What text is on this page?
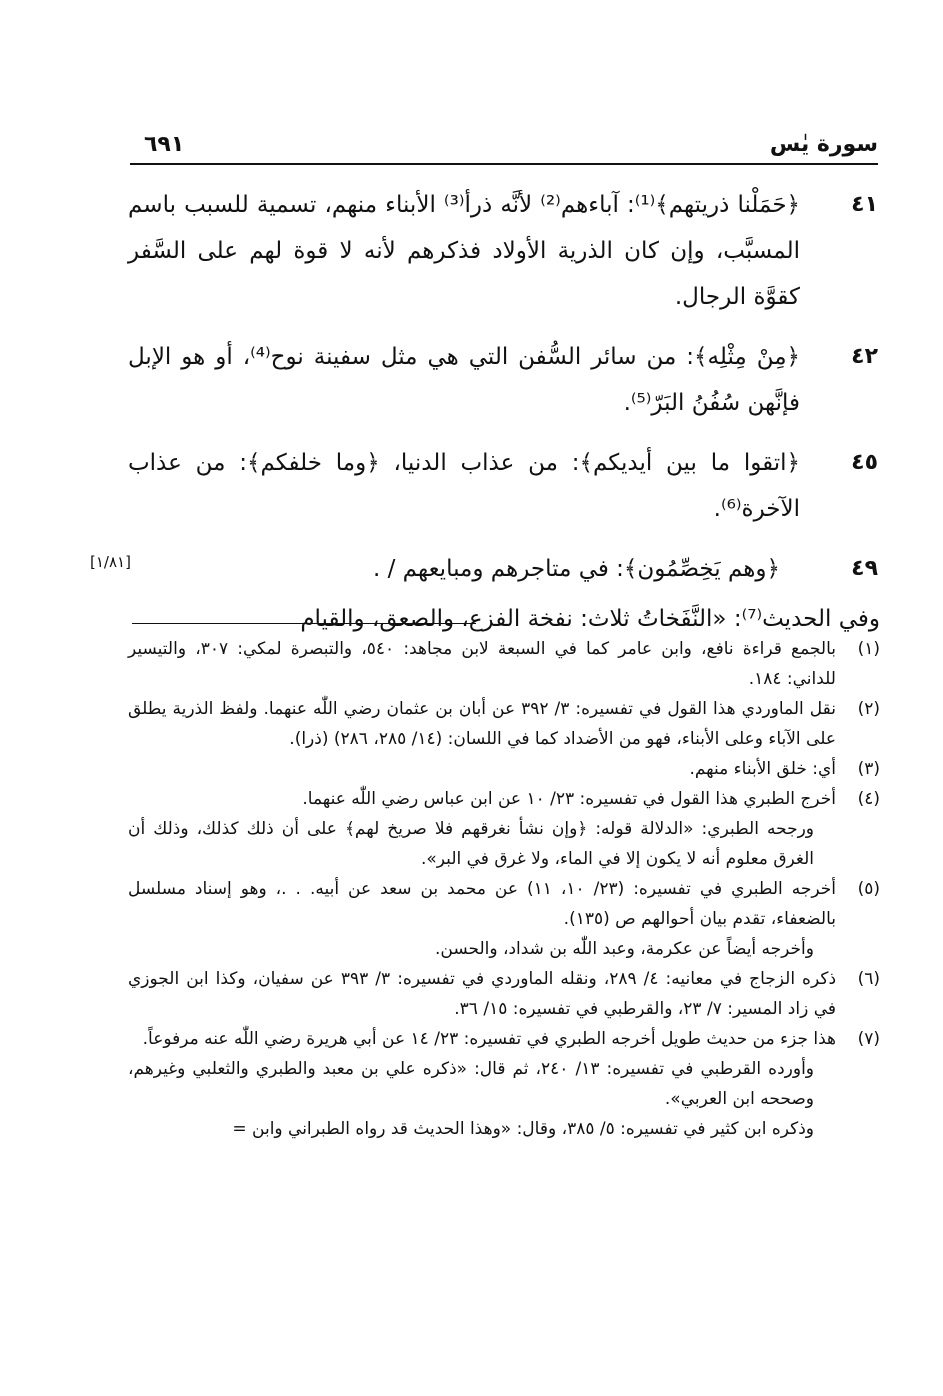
سورة يٰس
٦٩١
٤١
﴿حَمَلْنا ذريتهم﴾⁽¹⁾: آباءهم⁽²⁾ لأنَّه ذرأ⁽³⁾ الأبناء منهم، تسمية للسبب باسم المسبَّب، وإن كان الذرية الأولاد فذكرهم لأنه لا قوة لهم على السَّفر كقوَّة الرجال.
٤٢
﴿مِنْ مِثْلِه﴾: من سائر السُّفن التي هي مثل سفينة نوح⁽⁴⁾، أو هو الإبل فإنَّهن سُفُنُ البَرّ⁽⁵⁾.
٤٥
﴿اتقوا ما بين أيديكم﴾: من عذاب الدنيا، ﴿وما خلفكم﴾: من عذاب الآخرة⁽⁶⁾.
٤٩
﴿وهم يَخِصِّمُون﴾: في متاجرهم ومبايعهم / .
[١/٨١]
وفي الحديث⁽⁷⁾: «النَّفَخاتُ ثلاث: نفخة الفزع، والصعق، والقيام
(١)
بالجمع قراءة نافع، وابن عامر كما في السبعة لابن مجاهد: ٥٤٠، والتبصرة لمكي: ٣٠٧، والتيسير للداني: ١٨٤.
(٢)
نقل الماوردي هذا القول في تفسيره: ٣/ ٣٩٢ عن أبان بن عثمان رضي اللّٰه عنهما. ولفظ الذرية يطلق على الآباء وعلى الأبناء، فهو من الأضداد كما في اللسان: (١٤/ ٢٨٥، ٢٨٦) (ذرا).
(٣)
أي: خلق الأبناء منهم.
(٤)
أخرج الطبري هذا القول في تفسيره: ٢٣/ ١٠ عن ابن عباس رضي اللّٰه عنهما.
ورجحه الطبري: «الدلالة قوله: ﴿وإن نشأ نغرقهم فلا صريخ لهم﴾ على أن ذلك كذلك، وذلك أن الغرق معلوم أنه لا يكون إلا في الماء، ولا غرق في البر».
(٥)
أخرجه الطبري في تفسيره: (٢٣/ ١٠، ١١) عن محمد بن سعد عن أبيه. . .، وهو إسناد مسلسل بالضعفاء، تقدم بيان أحوالهم ص (١٣٥).
وأخرجه أيضاً عن عكرمة، وعبد اللّٰه بن شداد، والحسن.
(٦)
ذكره الزجاج في معانيه: ٤/ ٢٨٩، ونقله الماوردي في تفسيره: ٣/ ٣٩٣ عن سفيان، وكذا ابن الجوزي في زاد المسير: ٧/ ٢٣، والقرطبي في تفسيره: ١٥/ ٣٦.
(٧)
هذا جزء من حديث طويل أخرجه الطبري في تفسيره: ٢٣/ ١٤ عن أبي هريرة رضي اللّٰه عنه مرفوعاً.
وأورده القرطبي في تفسيره: ١٣/ ٢٤٠، ثم قال: «ذكره علي بن معبد والطبري والثعلبي وغيرهم، وصححه ابن العربي».
وذكره ابن كثير في تفسيره: ٥/ ٣٨٥، وقال: «وهذا الحديث قد رواه الطبراني وابن =
